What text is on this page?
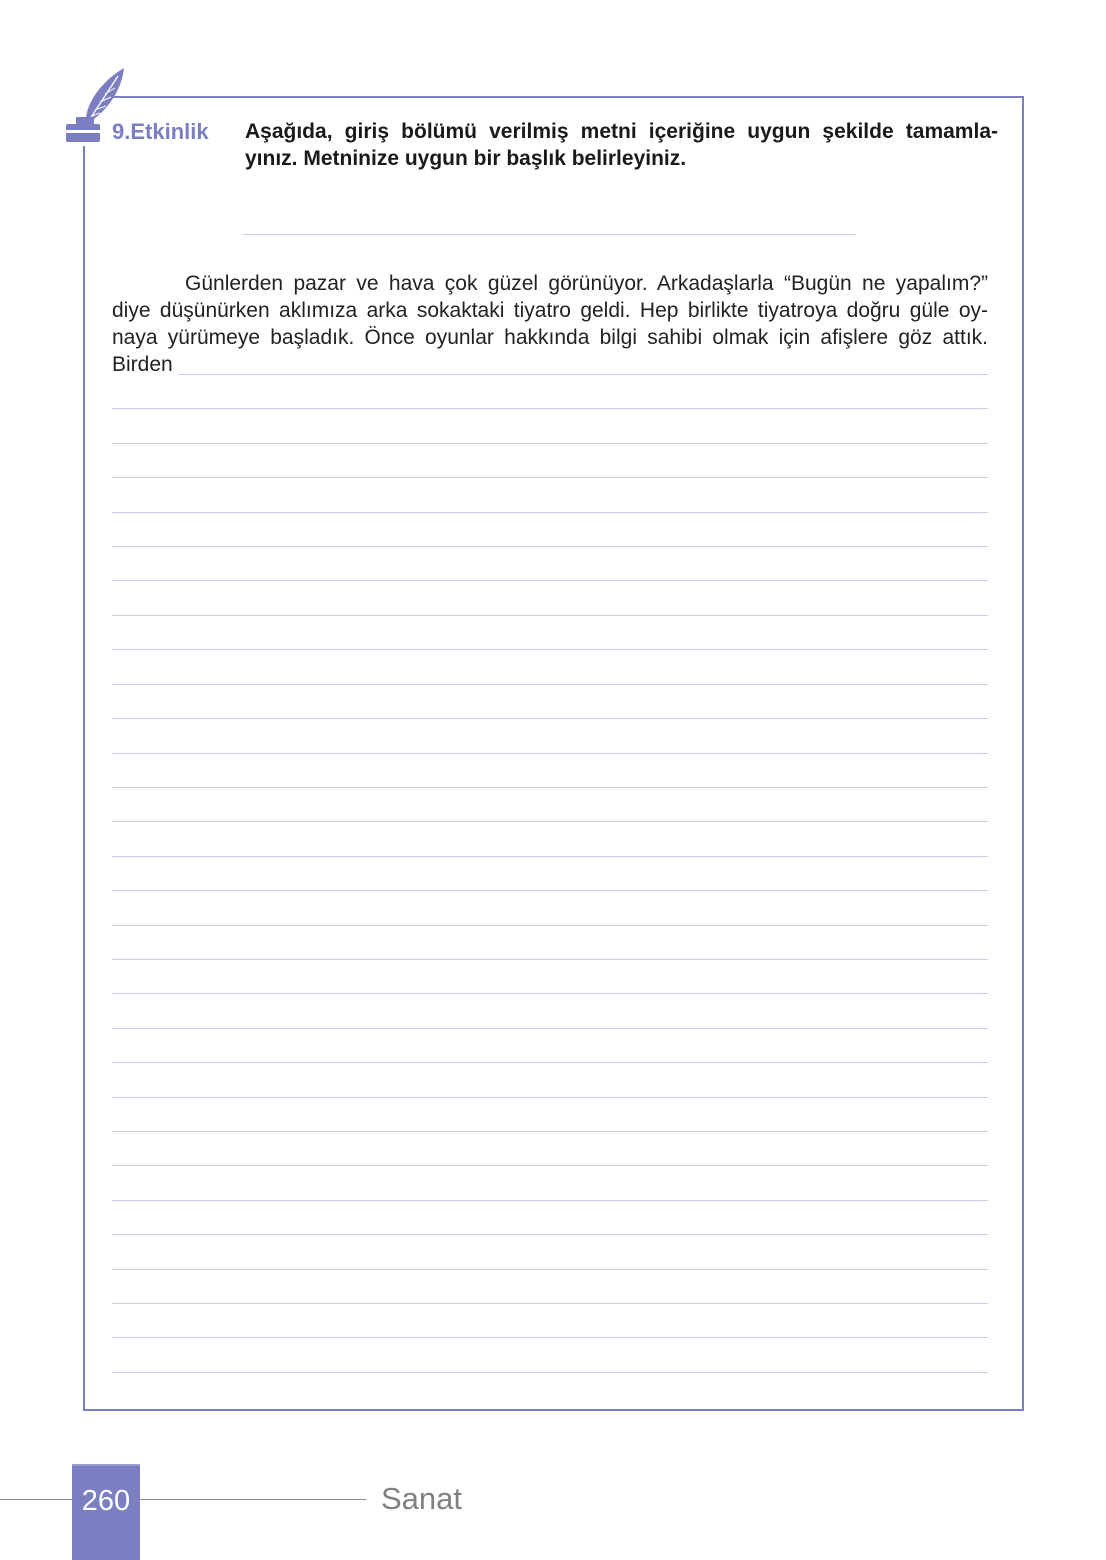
9.Etkinlik Aşağıda, giriş bölümü verilmiş metni içeriğine uygun şekilde tamamla-
yınız. Metninize uygun bir başlık belirleyiniz.
Günlerden pazar ve hava çok güzel görünüyor. Arkadaşlarla “Bugün ne yapalım?”
diye düşünürken aklımıza arka sokaktaki tiyatro geldi. Hep birlikte tiyatroya doğru güle oy-
naya yürümeye başladık. Önce oyunlar hakkında bilgi sahibi olmak için afişlere göz attık.
Birden
260	Sanat
